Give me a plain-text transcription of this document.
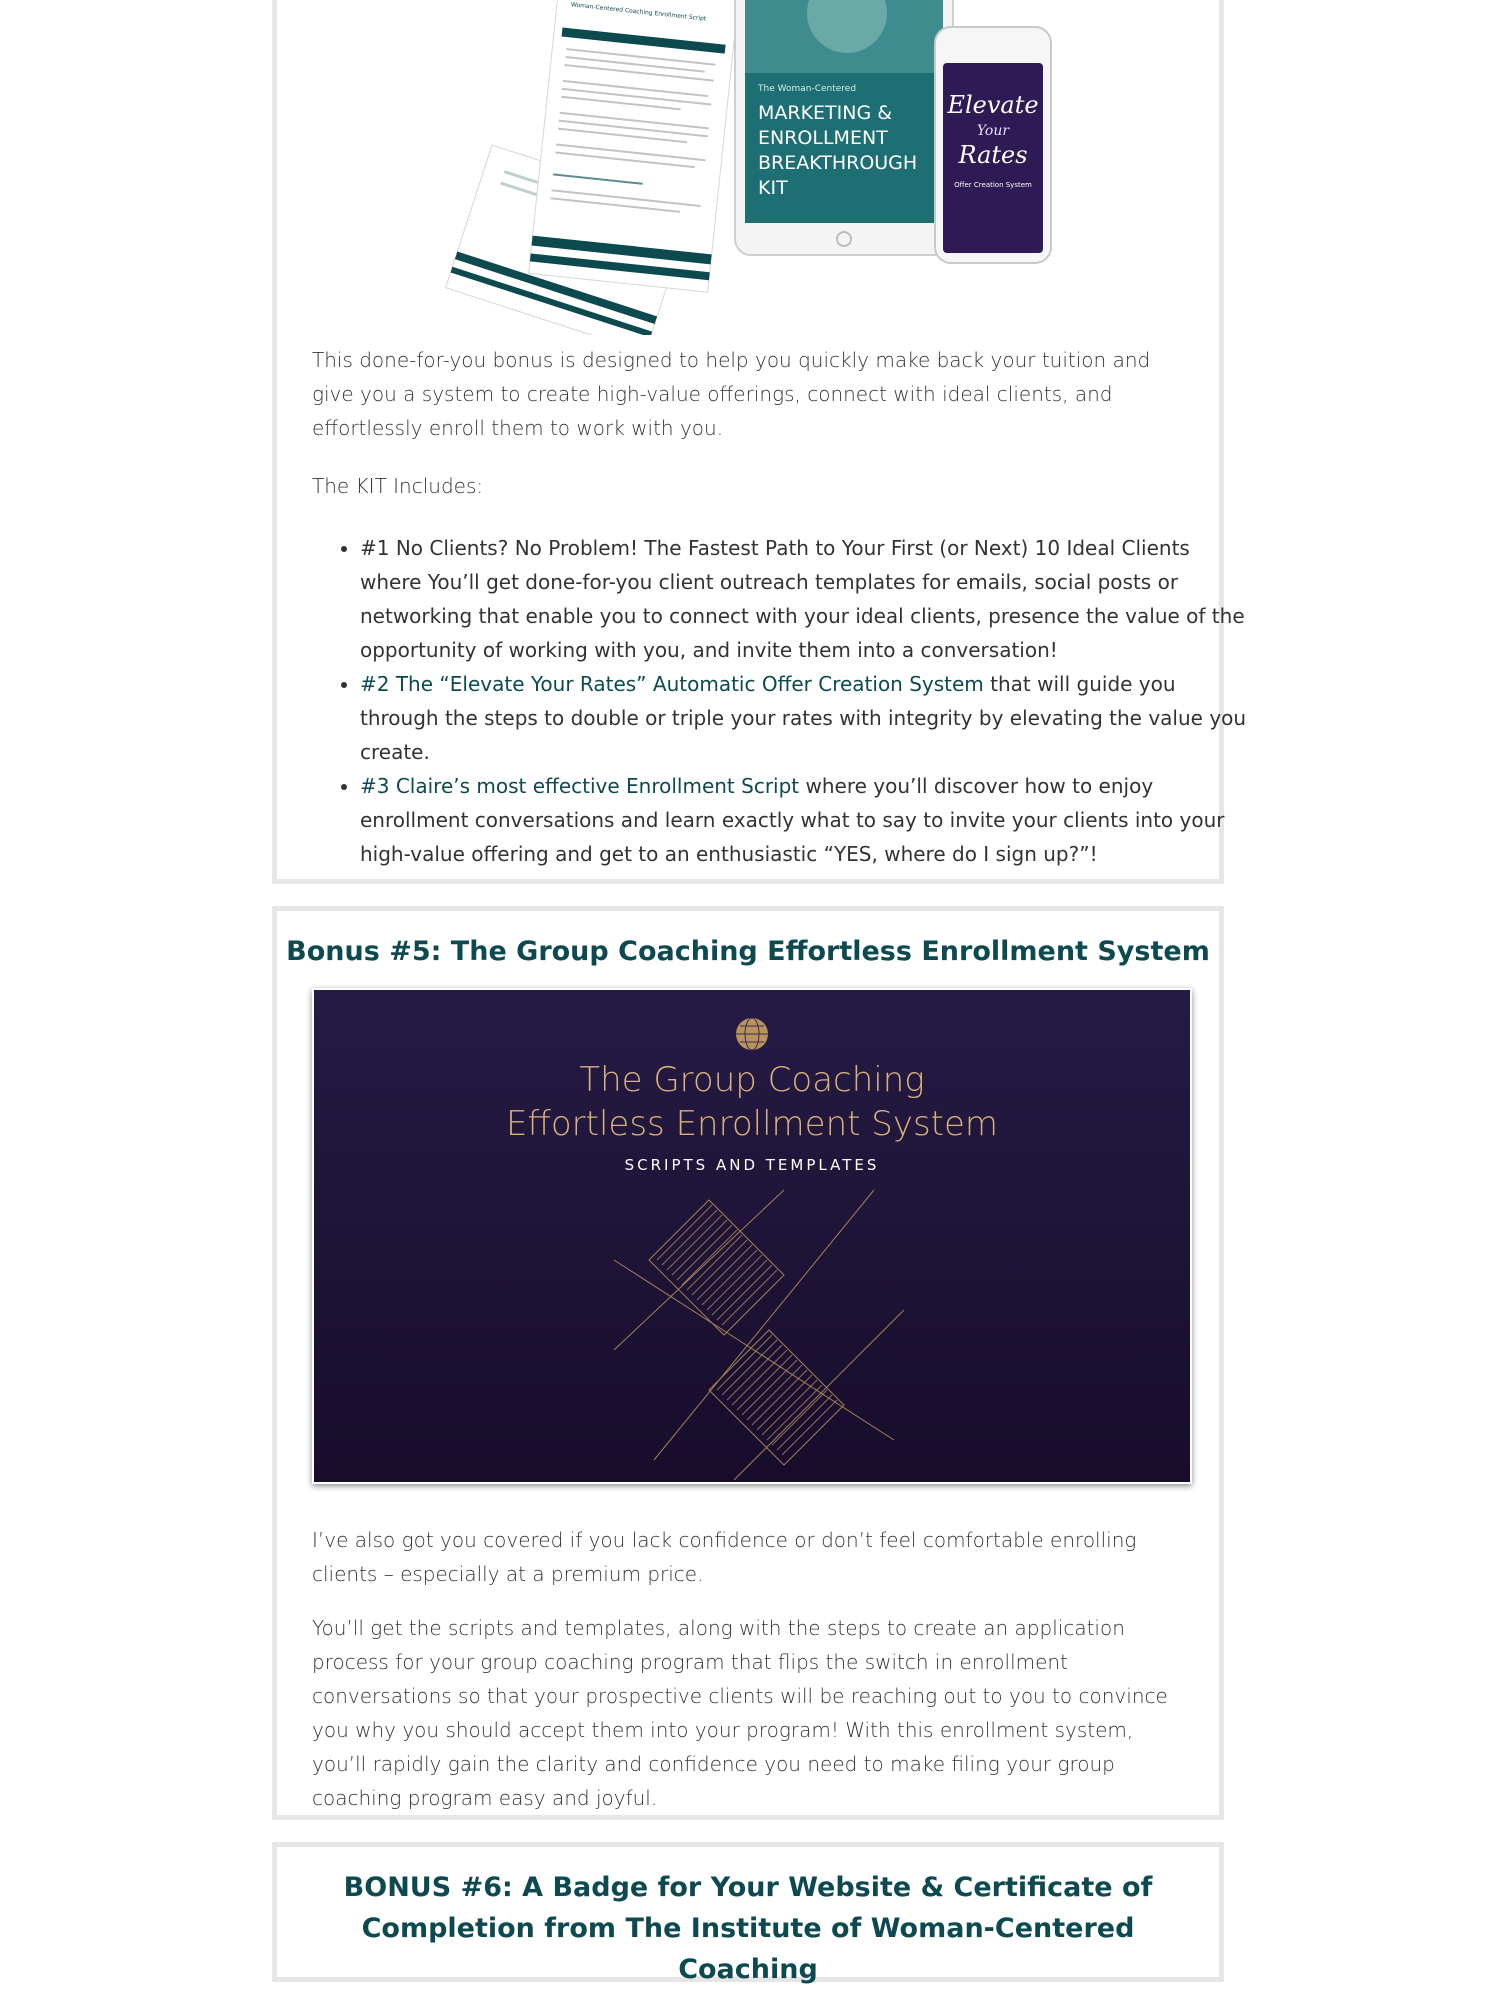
Woman-Centered Coaching Enrollment Script
The Woman-Centered
MARKETING &
ENROLLMENT
BREAKTHROUGH
KIT
Elevate
Your
Rates
Offer Creation System

This done-for-you bonus is designed to help you quickly make back your tuition and give you a system to create high-value offerings, connect with ideal clients, and effortlessly enroll them to work with you.

The KIT Includes:

• #1 No Clients? No Problem! The Fastest Path to Your First (or Next) 10 Ideal Clients where You’ll get done-for-you client outreach templates for emails, social posts or networking that enable you to connect with your ideal clients, presence the value of the opportunity of working with you, and invite them into a conversation!
• #2 The “Elevate Your Rates” Automatic Offer Creation System that will guide you through the steps to double or triple your rates with integrity by elevating the value you create.
• #3 Claire’s most effective Enrollment Script where you’ll discover how to enjoy enrollment conversations and learn exactly what to say to invite your clients into your high-value offering and get to an enthusiastic “YES, where do I sign up?”!
Bonus #5: The Group Coaching Effortless Enrollment System

The Group Coaching

Effortless Enrollment System

SCRIPTS AND TEMPLATES

I’ve also got you covered if you lack confidence or don’t feel comfortable enrolling clients – especially at a premium price.

You’ll get the scripts and templates, along with the steps to create an application process for your group coaching program that flips the switch in enrollment conversations so that your prospective clients will be reaching out to you to convince you why you should accept them into your program! With this enrollment system, you’ll rapidly gain the clarity and confidence you need to make filing your group coaching program easy and joyful.

BONUS #6: A Badge for Your Website & Certificate of Completion from The Institute of Woman-Centered Coaching
